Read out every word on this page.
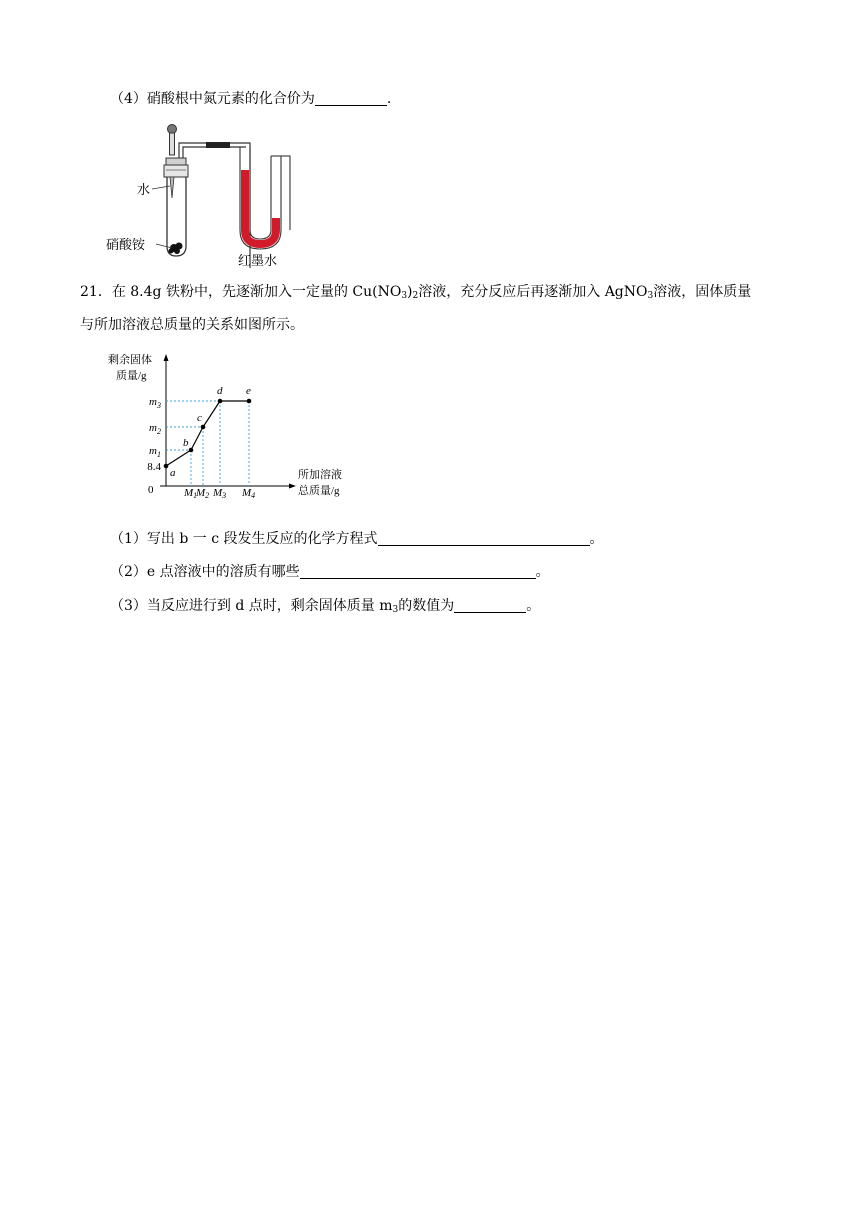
（4）硝酸根中氮元素的化合价为	.
水
硝酸铵
红墨水
21．在 8.4g 铁粉中，先逐渐加入一定量的 $Cu(NO_3)_2$溶液，充分反应后再逐渐加入 AgNO$_3$溶液，固体质量
与所加溶液总质量的关系如图所示。
剩余固体
质量/g
所加溶液
总质量/g
0
8.4
$m_1$
$m_2$
$m_3$
M1
M2 M3 M4
a
b
c
d e
（1）写出 b 一 c 段发生反应的化学方程式	。
（2）e 点溶液中的溶质有哪些	。
（3）当反应进行到 d 点时，剩余固体质量 $m_3$的数值为	。
